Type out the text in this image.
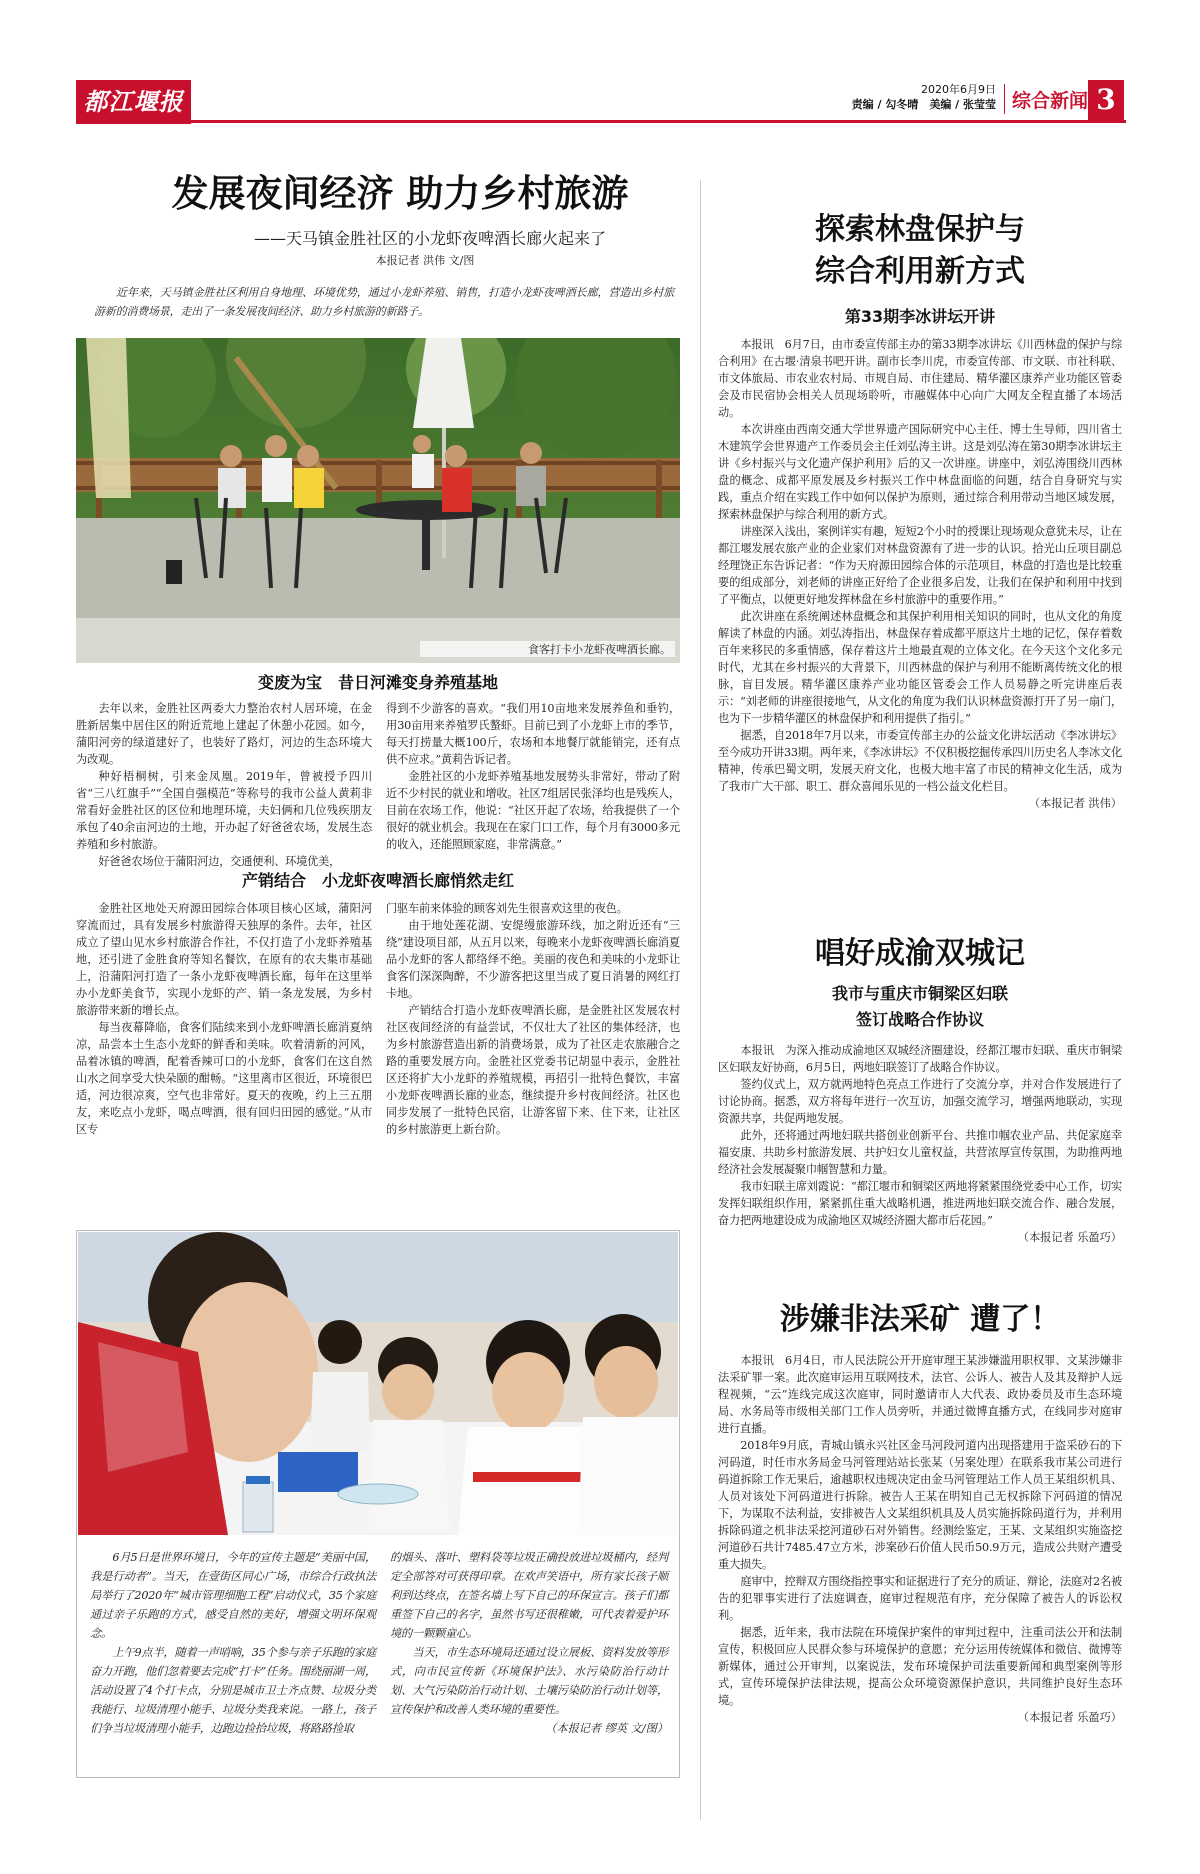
都江堰报	2020年6月9日
责编 / 勾冬晴　美编 / 张莹莹 综合新闻 3
发展夜间经济 助力乡村旅游
——天马镇金胜社区的小龙虾夜啤酒长廊火起来了
本报记者 洪伟 文/图
近年来，天马镇金胜社区利用自身地理、环境优势，通过小龙虾养殖、销售，打造小龙虾夜啤酒长廊，营造出乡村旅游新的消费场景，走出了一条发展夜间经济、助力乡村旅游的新路子。
食客打卡小龙虾夜啤酒长廊。
变废为宝　昔日河滩变身养殖基地

去年以来，金胜社区两委大力整治农村人居环境，在金胜新居集中居住区的附近荒地上建起了休憩小花园。如今，蒲阳河旁的绿道建好了，也装好了路灯，河边的生态环境大为改观。

种好梧桐树，引来金凤凰。2019年，曾被授予四川省“三八红旗手”“全国自强模范”等称号的我市公益人黄莉非常看好金胜社区的区位和地理环境，夫妇俩和几位残疾朋友承包了40余亩河边的土地，开办起了好爸爸农场，发展生态养殖和乡村旅游。

好爸爸农场位于蒲阳河边，交通便利、环境优美，

得到不少游客的喜欢。“我们用10亩地来发展养鱼和垂钓，用30亩用来养殖罗氏螯虾。目前已到了小龙虾上市的季节，每天打捞量大概100斤，农场和本地餐厅就能销完，还有点供不应求。”黄莉告诉记者。

金胜社区的小龙虾养殖基地发展势头非常好，带动了附近不少村民的就业和增收。社区7组居民张泽均也是残疾人，目前在农场工作，他说：“社区开起了农场，给我提供了一个很好的就业机会。我现在在家门口工作，每个月有3000多元的收入，还能照顾家庭，非常满意。”

产销结合　小龙虾夜啤酒长廊悄然走红

金胜社区地处天府源田园综合体项目核心区域，蒲阳河穿流而过，具有发展乡村旅游得天独厚的条件。去年，社区成立了望山见水乡村旅游合作社，不仅打造了小龙虾养殖基地，还引进了金胜食府等知名餐饮，在原有的农夫集市基础上，沿蒲阳河打造了一条小龙虾夜啤酒长廊，每年在这里举办小龙虾美食节，实现小龙虾的产、销一条龙发展，为乡村旅游带来新的增长点。

每当夜幕降临，食客们陆续来到小龙虾啤酒长廊消夏纳凉，品尝本土生态小龙虾的鲜香和美味。吹着清新的河风，品着冰镇的啤酒，配着香辣可口的小龙虾，食客们在这自然山水之间享受大快朵颐的酣畅。“这里离市区很近，环境很巴适，河边很凉爽，空气也非常好。夏天的夜晚，约上三五朋友，来吃点小龙虾，喝点啤酒，很有回归田园的感觉。”从市区专

门驱车前来体验的顾客刘先生很喜欢这里的夜色。

由于地处莲花湖、安缇缦旅游环线，加之附近还有“三绕”建设项目部，从五月以来，每晚来小龙虾夜啤酒长廊消夏品小龙虾的客人都络绎不绝。美丽的夜色和美味的小龙虾让食客们深深陶醉，不少游客把这里当成了夏日消暑的网红打卡地。

产销结合打造小龙虾夜啤酒长廊，是金胜社区发展农村社区夜间经济的有益尝试，不仅壮大了社区的集体经济，也为乡村旅游营造出新的消费场景，成为了社区走农旅融合之路的重要发展方向。金胜社区党委书记胡显中表示，金胜社区还将扩大小龙虾的养殖规模，再招引一批特色餐饮，丰富小龙虾夜啤酒长廊的业态，继续提升乡村夜间经济。社区也同步发展了一批特色民宿，让游客留下来、住下来，让社区的乡村旅游更上新台阶。

6月5日是世界环境日，今年的宣传主题是“美丽中国，我是行动者”。当天，在壹街区同心广场，市综合行政执法局举行了2020年“城市管理细胞工程”启动仪式，35个家庭通过亲子乐跑的方式，感受自然的美好，增强文明环保观念。

上午9点半，随着一声哨响，35个参与亲子乐跑的家庭奋力开跑，他们忽着要去完成“打卡”任务。围绕丽湖一周，活动设置了4个打卡点，分别是城市卫士齐点赞、垃圾分类我能行、垃圾清理小能手、垃圾分类我来说。一路上，孩子们争当垃圾清理小能手，边跑边捡拾垃圾，将路路捡取

的烟头、落叶、塑料袋等垃圾正确投放进垃圾桶内，经判定全部答对可获得印章。在欢声笑语中，所有家长孩子顺利到达终点，在签名墙上写下自己的环保宣言。孩子们都重签下自己的名字，虽然书写还很稚嫩，可代表着爱护环境的一颗颗童心。

当天，市生态环境局还通过设立展板、资料发放等形式，向市民宣传新《环境保护法》、水污染防治行动计划、大气污染防治行动计划、土壤污染防治行动计划等，宣传保护和改善人类环境的重要性。

（本报记者 缪英 文/图）

探索林盘保护与
综合利用新方式
第33期李冰讲坛开讲

本报讯　6月7日，由市委宣传部主办的第33期李冰讲坛《川西林盘的保护与综合利用》在古堰·清泉书吧开讲。副市长李川虎，市委宣传部、市文联、市社科联、市文体旅局、市农业农村局、市规自局、市住建局、精华灌区康养产业功能区管委会及市民宿协会相关人员现场聆听，市融媒体中心向广大网友全程直播了本场活动。

本次讲座由西南交通大学世界遗产国际研究中心主任、博士生导师，四川省土木建筑学会世界遗产工作委员会主任刘弘涛主讲。这是刘弘涛在第30期李冰讲坛主讲《乡村振兴与文化遗产保护利用》后的又一次讲座。讲座中，刘弘涛围绕川西林盘的概念、成都平原发展及乡村振兴工作中林盘面临的问题，结合自身研究与实践，重点介绍在实践工作中如何以保护为原则，通过综合利用带动当地区域发展，探索林盘保护与综合利用的新方式。

讲座深入浅出，案例详实有趣，短短2个小时的授课让现场观众意犹未尽，让在都江堰发展农旅产业的企业家们对林盘资源有了进一步的认识。拾光山丘项目副总经理饶正东告诉记者：“作为天府源田园综合体的示范项目，林盘的打造也是比较重要的组成部分，刘老师的讲座正好给了企业很多启发，让我们在保护和利用中找到了平衡点，以便更好地发挥林盘在乡村旅游中的重要作用。”

此次讲座在系统阐述林盘概念和其保护利用相关知识的同时，也从文化的角度解读了林盘的内涵。刘弘涛指出，林盘保存着成都平原这片土地的记忆，保存着数百年来移民的多重情感，保存着这片土地最直观的立体文化。在今天这个文化多元时代，尤其在乡村振兴的大背景下，川西林盘的保护与利用不能断离传统文化的根脉，盲目发展。精华灌区康养产业功能区管委会工作人员易静之听完讲座后表示：“刘老师的讲座很接地气，从文化的角度为我们认识林盘资源打开了另一扇门，也为下一步精华灌区的林盘保护和利用提供了指引。”

据悉，自2018年7月以来，市委宣传部主办的公益文化讲坛活动《李冰讲坛》至今成功开讲33期。两年来，《李冰讲坛》不仅积极挖掘传承四川历史名人李冰文化精神，传承巴蜀文明，发展天府文化，也极大地丰富了市民的精神文化生活，成为了我市广大干部、职工、群众喜闻乐见的一档公益文化栏目。

（本报记者 洪伟）

唱好成渝双城记
我市与重庆市铜梁区妇联
签订战略合作协议

本报讯　为深入推动成渝地区双城经济圈建设，经都江堰市妇联、重庆市铜梁区妇联友好协商，6月5日，两地妇联签订了战略合作协议。

签约仪式上，双方就两地特色亮点工作进行了交流分享，并对合作发展进行了讨论协商。据悉，双方将每年进行一次互访，加强交流学习，增强两地联动，实现资源共享，共促两地发展。

此外，还将通过两地妇联共搭创业创新平台、共推巾帼农业产品、共促家庭幸福安康、共助乡村旅游发展、共护妇女儿童权益，共营浓厚宣传氛围，为助推两地经济社会发展凝聚巾帼智慧和力量。

我市妇联主席刘霞说：“都江堰市和铜梁区两地将紧紧围绕党委中心工作，切实发挥妇联组织作用，紧紧抓住重大战略机遇，推进两地妇联交流合作、融合发展，奋力把两地建设成为成渝地区双城经济圈大都市后花园。”

（本报记者 乐盈巧）

涉嫌非法采矿 遭了！

本报讯　6月4日，市人民法院公开开庭审理王某涉嫌滥用职权罪、文某涉嫌非法采矿罪一案。此次庭审运用互联网技术，法官、公诉人、被告人及其及辩护人远程视频，“云”连线完成这次庭审，同时邀请市人大代表、政协委员及市生态环境局、水务局等市级相关部门工作人员旁听，并通过微博直播方式，在线同步对庭审进行直播。

2018年9月底，青城山镇永兴社区金马河段河道内出现搭建用于盗采砂石的下河码道，时任市水务局金马河管理站站长张某（另案处理）在联系我市某公司进行码道拆除工作无果后，逾越职权违规决定由金马河管理站工作人员王某组织机具、人员对该处下河码道进行拆除。被告人王某在明知自己无权拆除下河码道的情况下，为谋取不法利益，安排被告人文某组织机具及人员实施拆除码道行为，并利用拆除码道之机非法采挖河道砂石对外销售。经测绘鉴定，王某、文某组织实施盗挖河道砂石共计7485.47立方米，涉案砂石价值人民币50.9万元，造成公共财产遭受重大损失。

庭审中，控辩双方围绕指控事实和证据进行了充分的质证、辩论，法庭对2名被告的犯罪事实进行了法庭调查，庭审过程规范有序，充分保障了被告人的诉讼权利。

据悉，近年来，我市法院在环境保护案件的审判过程中，注重司法公开和法制宣传，积极回应人民群众参与环境保护的意愿；充分运用传统媒体和微信、微博等新媒体，通过公开审判，以案说法，发布环境保护司法重要新闻和典型案例等形式，宣传环境保护法律法规，提高公众环境资源保护意识，共同维护良好生态环境。

（本报记者 乐盈巧）
